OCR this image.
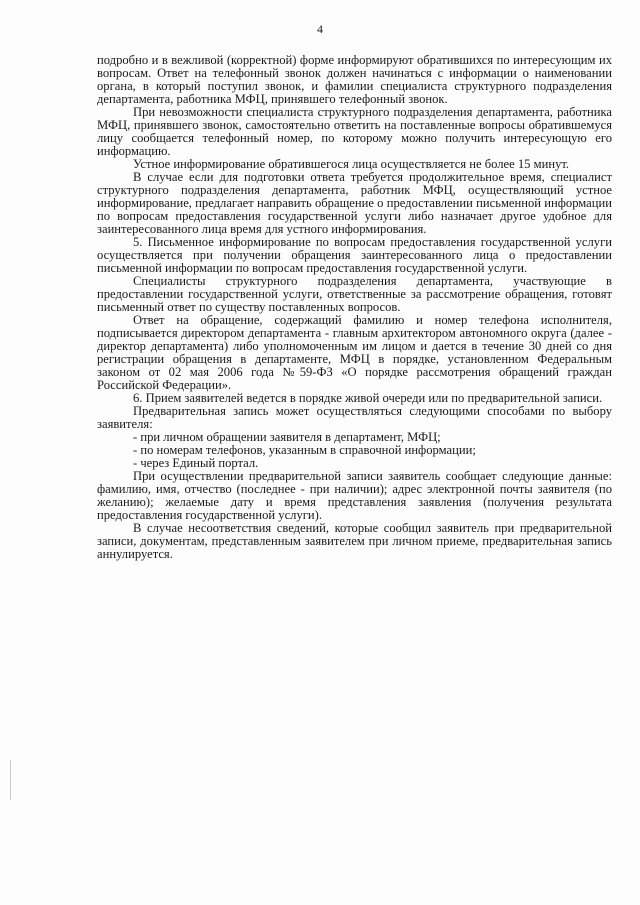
4

подробно и в вежливой (корректной) форме информируют обратившихся по интересующим их вопросам. Ответ на телефонный звонок должен начинаться с информации о наименовании органа, в который поступил звонок, и фамилии специалиста структурного подразделения департамента, работника МФЦ, принявшего телефонный звонок.

При невозможности специалиста структурного подразделения департамента, работника МФЦ, принявшего звонок, самостоятельно ответить на поставленные вопросы обратившемуся лицу сообщается телефонный номер, по которому можно получить интересующую его информацию.

Устное информирование обратившегося лица осуществляется не более 15 минут.

В случае если для подготовки ответа требуется продолжительное время, специалист структурного подразделения департамента, работник МФЦ, осуществляющий устное информирование, предлагает направить обращение о предоставлении письменной информации по вопросам предоставления государственной услуги либо назначает другое удобное для заинтересованного лица время для устного информирования.

5. Письменное информирование по вопросам предоставления государственной услуги осуществляется при получении обращения заинтересованного лица о предоставлении письменной информации по вопросам предоставления государственной услуги.

Специалисты структурного подразделения департамента, участвующие в предоставлении государственной услуги, ответственные за рассмотрение обращения, готовят письменный ответ по существу поставленных вопросов.

Ответ на обращение, содержащий фамилию и номер телефона исполнителя, подписывается директором департамента - главным архитектором автономного округа (далее - директор департамента) либо уполномоченным им лицом и дается в течение 30 дней со дня регистрации обращения в департаменте, МФЦ в порядке, установленном Федеральным законом от 02 мая 2006 года №59-ФЗ «О порядке рассмотрения обращений граждан Российской Федерации».

6. Прием заявителей ведется в порядке живой очереди или по предварительной записи.

Предварительная запись может осуществляться следующими способами по выбору заявителя:

- при личном обращении заявителя в департамент, МФЦ;

- по номерам телефонов, указанным в справочной информации;

- через Единый портал.

При осуществлении предварительной записи заявитель сообщает следующие данные: фамилию, имя, отчество (последнее - при наличии); адрес электронной почты заявителя (по желанию); желаемые дату и время представления заявления (получения результата предоставления государственной услуги).

В случае несоответствия сведений, которые сообщил заявитель при предварительной записи, документам, представленным заявителем при личном приеме, предварительная запись аннулируется.
